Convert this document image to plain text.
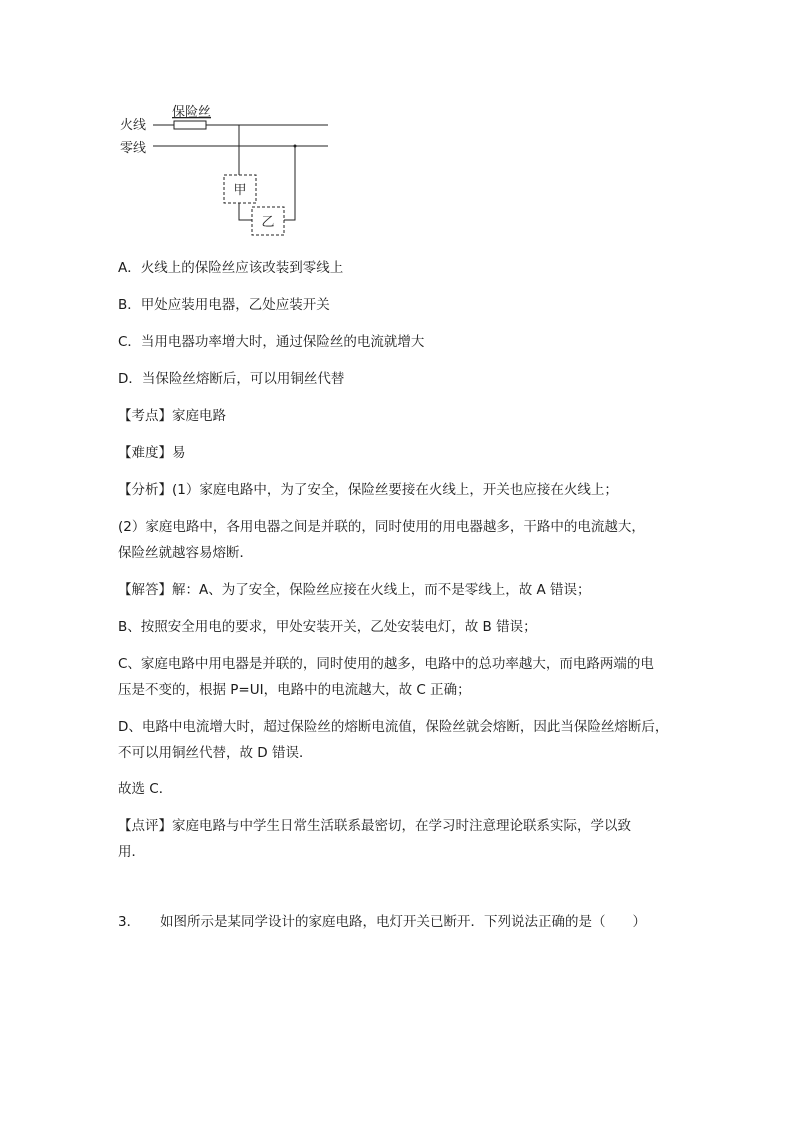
火线
零线
保险丝
甲
乙
A．火线上的保险丝应该改装到零线上
B．甲处应装用电器，乙处应装开关
C．当用电器功率增大时，通过保险丝的电流就增大
D．当保险丝熔断后，可以用铜丝代替
【考点】家庭电路
【难度】易
【分析】(1）家庭电路中，为了安全，保险丝要接在火线上，开关也应接在火线上；
(2）家庭电路中，各用电器之间是并联的，同时使用的用电器越多，干路中的电流越大，
保险丝就越容易熔断．
【解答】解：A、为了安全，保险丝应接在火线上，而不是零线上，故 A 错误；
B、按照安全用电的要求，甲处安装开关，乙处安装电灯，故 B 错误；
C、家庭电路中用电器是并联的，同时使用的越多，电路中的总功率越大，而电路两端的电
压是不变的，根据 P=UI，电路中的电流越大，故 C 正确；
D、电路中电流增大时，超过保险丝的熔断电流值，保险丝就会熔断，因此当保险丝熔断后，
不可以用铜丝代替，故 D 错误．
故选 C．
【点评】家庭电路与中学生日常生活联系最密切，在学习时注意理论联系实际，学以致
用．
3． 如图所示是某同学设计的家庭电路，电灯开关已断开．下列说法正确的是（　　）
